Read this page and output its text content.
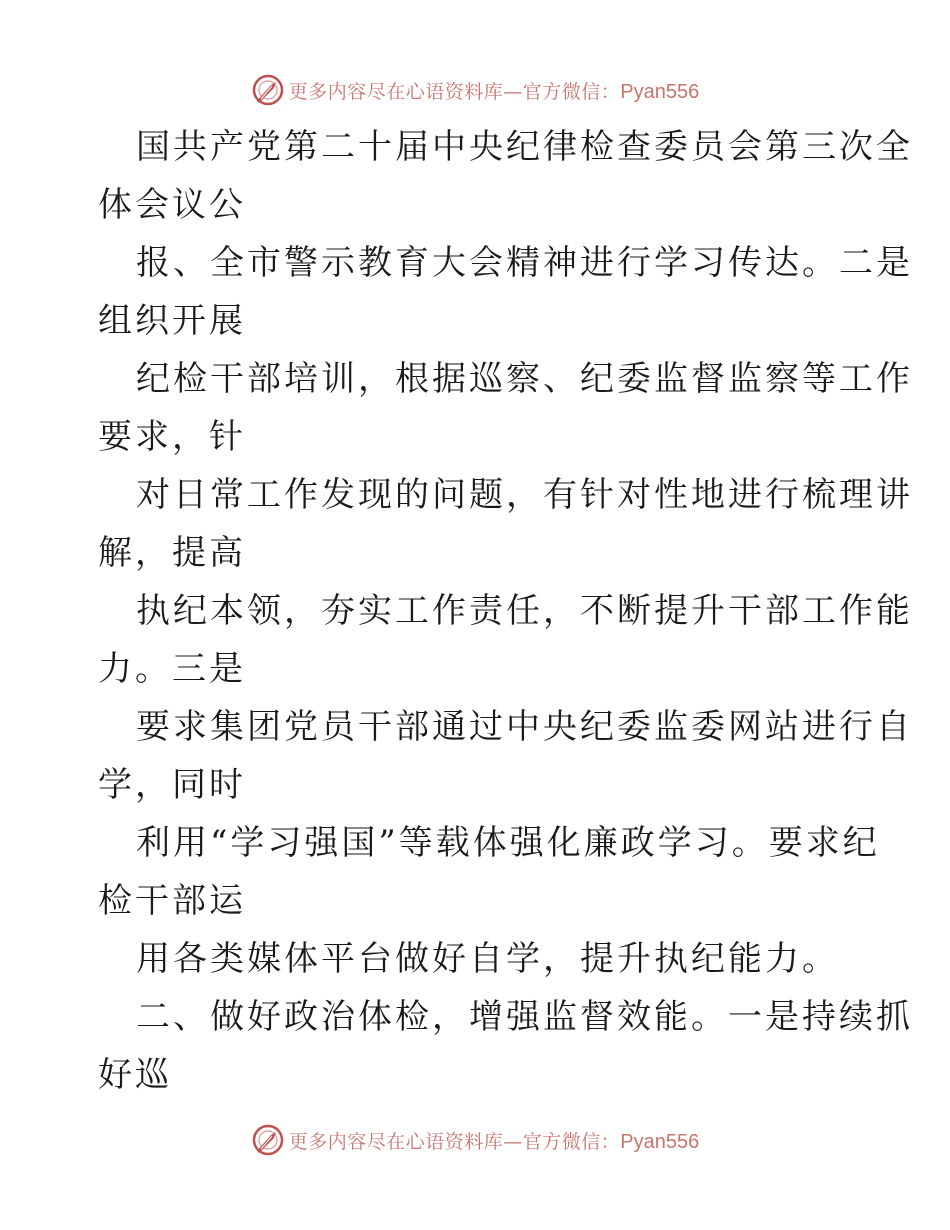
更多内容尽在心语资料库—官方微信：Pyan556
国共产党第二十届中央纪律检查委员会第三次全
体会议公
报、全市警示教育大会精神进行学习传达。二是
组织开展
纪检干部培训，根据巡察、纪委监督监察等工作
要求，针
对日常工作发现的问题，有针对性地进行梳理讲
解，提高
执纪本领，夯实工作责任，不断提升干部工作能
力。三是
要求集团党员干部通过中央纪委监委网站进行自
学，同时
利用“学习强国”等载体强化廉政学习。要求纪
检干部运
用各类媒体平台做好自学，提升执纪能力。
二、做好政治体检，增强监督效能。一是持续抓
好巡
更多内容尽在心语资料库—官方微信：Pyan556
